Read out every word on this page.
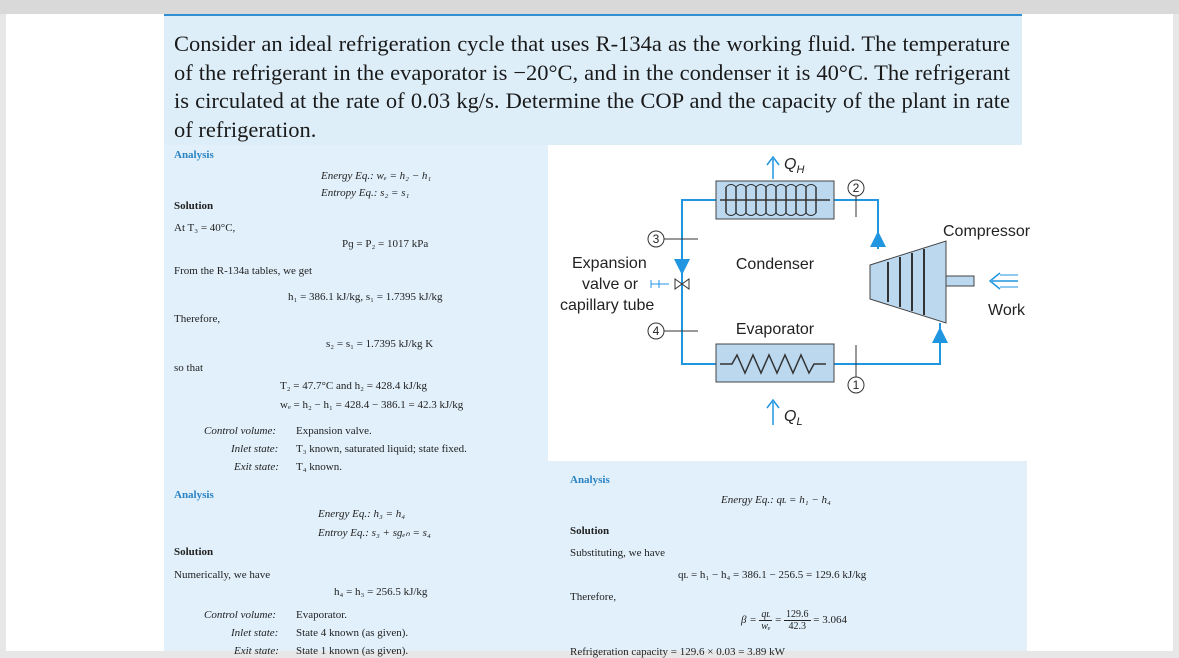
Consider an ideal refrigeration cycle that uses R-134a as the working fluid. The temperature of the refrigerant in the evaporator is −20°C, and in the condenser it is 40°C. The refrigerant is circulated at the rate of 0.03 kg/s. Determine the COP and the capacity of the plant in rate of refrigeration.

Analysis
Energy Eq.: wₑ = h₂ − h₁
Entropy Eq.: s₂ = s₁
Solution
At T₃ = 40°C,
Pɡ = P₂ = 1017 kPa
From the R-134a tables, we get
h₁ = 386.1 kJ/kg, s₁ = 1.7395 kJ/kg
Therefore,
s₂ = s₁ = 1.7395 kJ/kg K
so that
T₂ = 47.7°C and h₂ = 428.4 kJ/kg
wₑ = h₂ − h₁ = 428.4 − 386.1 = 42.3 kJ/kg
Control volume: Expansion valve.
Inlet state: T₃ known, saturated liquid; state fixed.
Exit state: T₄ known.
Analysis
Energy Eq.: h₃ = h₄
Entroy Eq.: s₃ + sɡₑₙ = s₄
Solution
Numerically, we have
h₄ = h₃ = 256.5 kJ/kg
Control volume: Evaporator.
Inlet state: State 4 known (as given).
Exit state: State 1 known (as given).
Condenser
$Q_H$
Evaporator
$Q_L$
Compressor
Work
Expansion
valve or
capillary tube
3
4
2
1
Analysis
Energy Eq.: qʟ = h₁ − h₄
Solution
Substituting, we have
qʟ = h₁ − h₄ = 386.1 − 256.5 = 129.6 kJ/kg
Therefore,
$\beta = \frac{\text{qʟ}}{\text{wₑ}} = \frac{129.6}{42.3} = 3.064$
Refrigeration capacity = 129.6 × 0.03 = 3.89 kW
